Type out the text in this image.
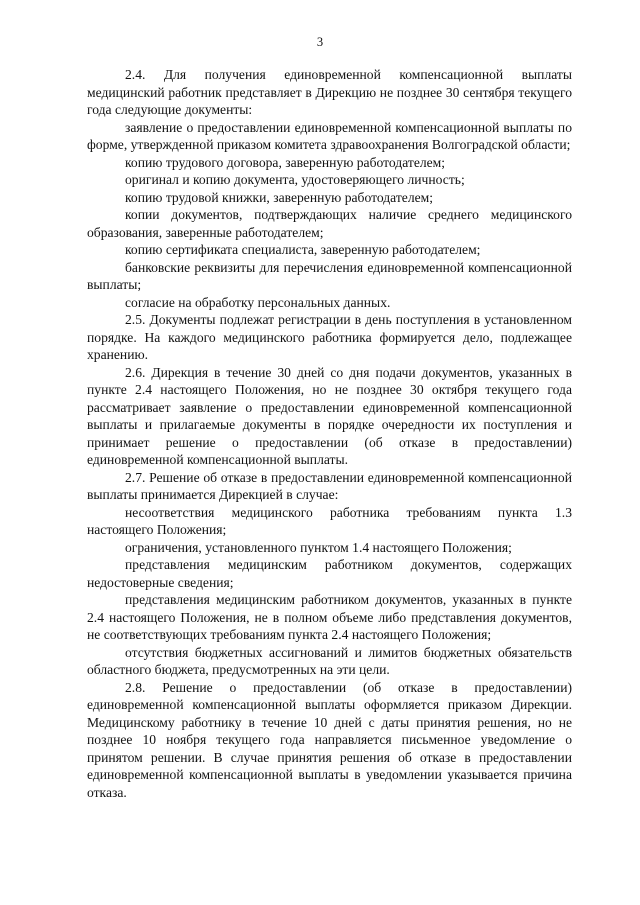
3

2.4. Для получения единовременной компенсационной выплаты медицинский работник представляет в Дирекцию не позднее 30 сентября текущего года следующие документы:

заявление о предоставлении единовременной компенсационной выплаты по форме, утвержденной приказом комитета здравоохранения Волгоградской области;

копию трудового договора, заверенную работодателем;

оригинал и копию документа, удостоверяющего личность;

копию трудовой книжки, заверенную работодателем;

копии документов, подтверждающих наличие среднего медицинского образования, заверенные работодателем;

копию сертификата специалиста, заверенную работодателем;

банковские реквизиты для перечисления единовременной компенсационной выплаты;

согласие на обработку персональных данных.

2.5. Документы подлежат регистрации в день поступления в установленном порядке. На каждого медицинского работника формируется дело, подлежащее хранению.

2.6. Дирекция в течение 30 дней со дня подачи документов, указанных в пункте 2.4 настоящего Положения, но не позднее 30 октября текущего года рассматривает заявление о предоставлении единовременной компенсационной выплаты и прилагаемые документы в порядке очередности их поступления и принимает решение о предоставлении (об отказе в предоставлении) единовременной компенсационной выплаты.

2.7. Решение об отказе в предоставлении единовременной компенсационной выплаты принимается Дирекцией в случае:

несоответствия медицинского работника требованиям пункта 1.3 настоящего Положения;

ограничения, установленного пунктом 1.4 настоящего Положения;

представления медицинским работником документов, содержащих недостоверные сведения;

представления медицинским работником документов, указанных в пункте 2.4 настоящего Положения, не в полном объеме либо представления документов, не соответствующих требованиям пункта 2.4 настоящего Положения;

отсутствия бюджетных ассигнований и лимитов бюджетных обязательств областного бюджета, предусмотренных на эти цели.

2.8. Решение о предоставлении (об отказе в предоставлении) единовременной компенсационной выплаты оформляется приказом Дирекции. Медицинскому работнику в течение 10 дней с даты принятия решения, но не позднее 10 ноября текущего года направляется письменное уведомление о принятом решении. В случае принятия решения об отказе в предоставлении единовременной компенсационной выплаты в уведомлении указывается причина отказа.
